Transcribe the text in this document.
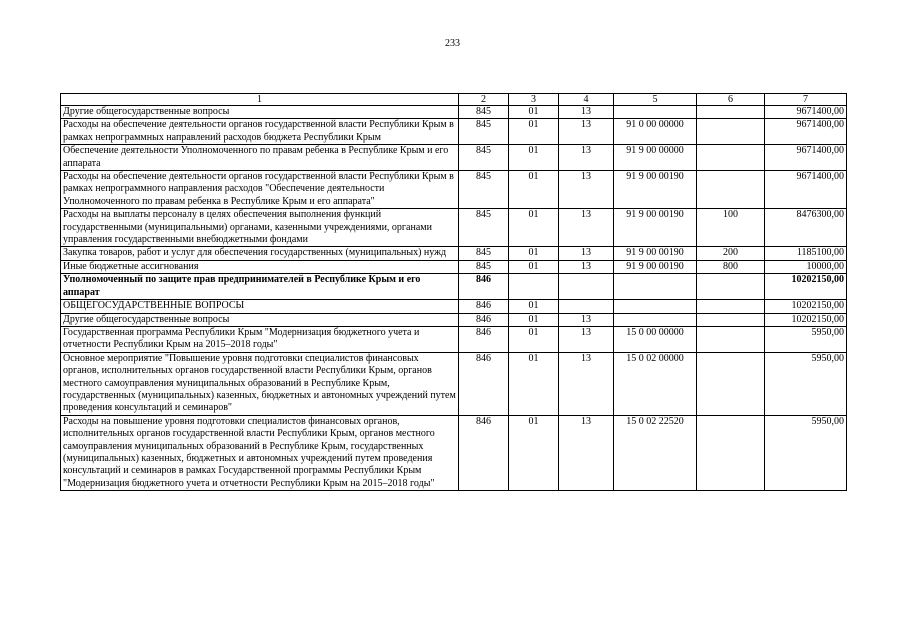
233
1	2	3	4	5	6	7
Другие общегосударственные вопросы	845	01	13			9671400,00
Расходы на обеспечение деятельности органов государственной власти Республики Крым в рамках непрограммных направлений расходов бюджета Республики Крым	845	01	13	91 0 00 00000		9671400,00
Обеспечение деятельности Уполномоченного по правам ребенка в Республике Крым и его аппарата	845	01	13	91 9 00 00000		9671400,00
Расходы на обеспечение деятельности органов государственной власти Республики Крым в рамках непрограммного направления расходов "Обеспечение деятельности Уполномоченного по правам ребенка в Республике Крым и его аппарата"	845	01	13	91 9 00 00190		9671400,00
Расходы на выплаты персоналу в целях обеспечения выполнения функций государственными (муниципальными) органами, казенными учреждениями, органами управления государственными внебюджетными фондами	845	01	13	91 9 00 00190	100	8476300,00
Закупка товаров, работ и услуг для обеспечения государственных (муниципальных) нужд	845	01	13	91 9 00 00190	200	1185100,00
Иные бюджетные ассигнования	845	01	13	91 9 00 00190	800	10000,00
Уполномоченный по защите прав предпринимателей в Республике Крым и его аппарат	846					10202150,00
ОБЩЕГОСУДАРСТВЕННЫЕ ВОПРОСЫ	846	01				10202150,00
Другие общегосударственные вопросы	846	01	13			10202150,00
Государственная программа Республики Крым "Модернизация бюджетного учета и отчетности Республики Крым на 2015–2018 годы"	846	01	13	15 0 00 00000		5950,00
Основное мероприятие "Повышение уровня подготовки специалистов финансовых органов, исполнительных органов государственной власти Республики Крым, органов местного самоуправления муниципальных образований в Республике Крым, государственных (муниципальных) казенных, бюджетных и автономных учреждений путем проведения консультаций и семинаров"	846	01	13	15 0 02 00000		5950,00
Расходы на повышение уровня подготовки специалистов финансовых органов, исполнительных органов государственной власти Республики Крым, органов местного самоуправления муниципальных образований в Республике Крым, государственных (муниципальных) казенных, бюджетных и автономных учреждений путем проведения консультаций и семинаров в рамках Государственной программы Республики Крым "Модернизация бюджетного учета и отчетности Республики Крым на 2015–2018 годы"	846	01	13	15 0 02 22520		5950,00
